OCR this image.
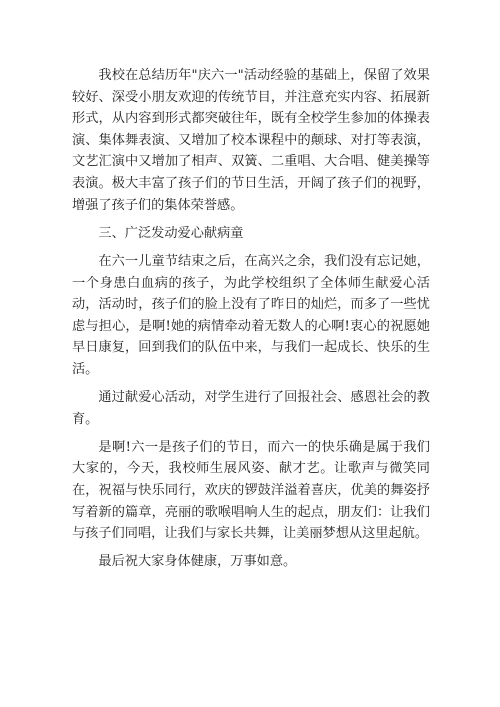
我校在总结历年"庆六一"活动经验的基础上，保留了效果较好、深受小朋友欢迎的传统节目，并注意充实内容、拓展新形式，从内容到形式都突破往年，既有全校学生参加的体操表演、集体舞表演、又增加了校本课程中的颠球、对打等表演，文艺汇演中又增加了相声、双簧、二重唱、大合唱、健美操等表演。极大丰富了孩子们的节日生活，开阔了孩子们的视野，增强了孩子们的集体荣誉感。

三、广泛发动爱心献病童

在六一儿童节结束之后，在高兴之余，我们没有忘记她，一个身患白血病的孩子，为此学校组织了全体师生献爱心活动，活动时，孩子们的脸上没有了昨日的灿烂，而多了一些忧虑与担心，是啊!她的病情牵动着无数人的心啊!衷心的祝愿她早日康复，回到我们的队伍中来，与我们一起成长、快乐的生活。

通过献爱心活动，对学生进行了回报社会、感恩社会的教育。

是啊!六一是孩子们的节日，而六一的快乐确是属于我们大家的，今天，我校师生展风姿、献才艺。让歌声与微笑同在，祝福与快乐同行，欢庆的锣鼓洋溢着喜庆，优美的舞姿抒写着新的篇章，亮丽的歌喉唱响人生的起点，朋友们：让我们与孩子们同唱，让我们与家长共舞，让美丽梦想从这里起航。

最后祝大家身体健康，万事如意。
